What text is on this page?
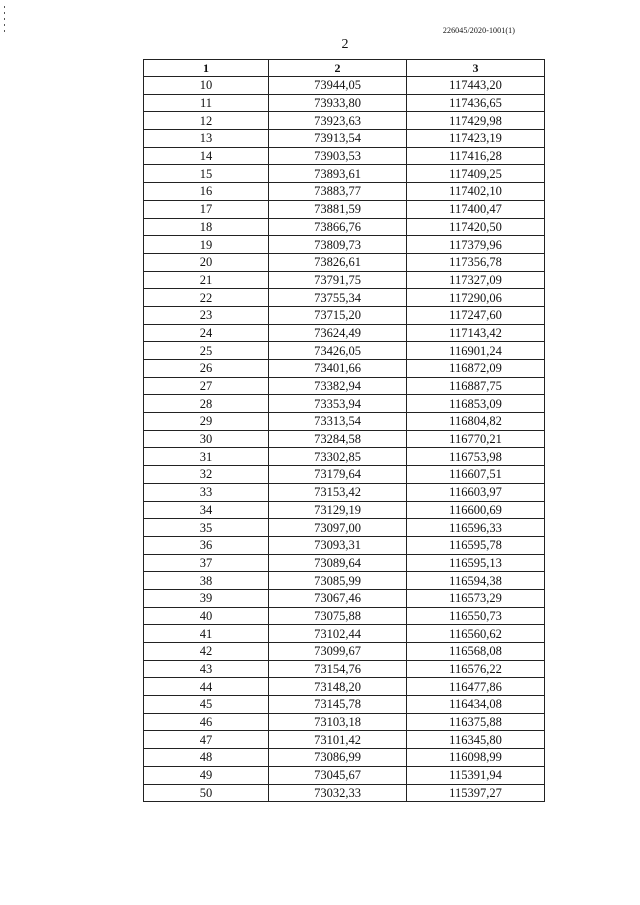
226045/2020-1001(1)
2
1	2	3
10	73944,05	117443,20
11	73933,80	117436,65
12	73923,63	117429,98
13	73913,54	117423,19
14	73903,53	117416,28
15	73893,61	117409,25
16	73883,77	117402,10
17	73881,59	117400,47
18	73866,76	117420,50
19	73809,73	117379,96
20	73826,61	117356,78
21	73791,75	117327,09
22	73755,34	117290,06
23	73715,20	117247,60
24	73624,49	117143,42
25	73426,05	116901,24
26	73401,66	116872,09
27	73382,94	116887,75
28	73353,94	116853,09
29	73313,54	116804,82
30	73284,58	116770,21
31	73302,85	116753,98
32	73179,64	116607,51
33	73153,42	116603,97
34	73129,19	116600,69
35	73097,00	116596,33
36	73093,31	116595,78
37	73089,64	116595,13
38	73085,99	116594,38
39	73067,46	116573,29
40	73075,88	116550,73
41	73102,44	116560,62
42	73099,67	116568,08
43	73154,76	116576,22
44	73148,20	116477,86
45	73145,78	116434,08
46	73103,18	116375,88
47	73101,42	116345,80
48	73086,99	116098,99
49	73045,67	115391,94
50	73032,33	115397,27
